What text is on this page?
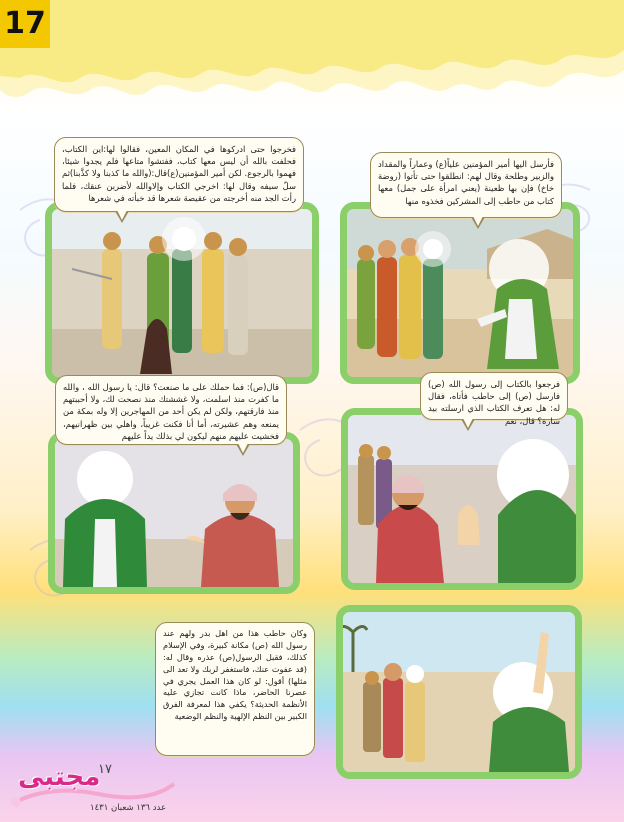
17
فأرسل اليها أمير المؤمنين علياً(ع) وعماراً والمقداد والزبير وطلحة وقال لهم: انطلقوا حتى تأتوا (روضة خاخ) فإن بها ظعينة (يعني امرأة على جمل) معها كتاب من حاطب إلى المشركين فخذوه منها
فخرجوا حتى ادركوها في المكان المعين، فقالوا لها:اين الكتاب، فحلفت بالله أن ليس معها كتاب، ففتشوا متاعها فلم يجدوا شيئا، فهموا بالرجوع. لكن أمير المؤمنين(ع)قال:(والله ما كذبنا ولا كذَّبنا)ثم سلّ سيفه وقال لها: اخرجي الكتاب وإلاوالله لأضربن عنقك، فلما رأت الجد منه أخرجته من عقيصة شعرها قد خبأته في شعرها
فرجعوا بالكتاب إلى رسول الله (ص) فارسل (ص) إلى حاطب فأتاه، فقال له: هل تعرف الكتاب الذي ارسلته بيد سارة؟ قال، نعم
قال(ص): فما حملك على ما صنعت؟ قال: يا رسول الله ، والله ما كفرت منذ اسلمت، ولا غششتك منذ نصحت لك، ولا أحببتهم منذ فارقتهم، ولكن لم يكن أحد من المهاجرين إلا وله بمكة من يمنعه وهم عشيرته، أما أنا فكنت غريباً، واهلي بين ظهرانيهم، فخشيت عليهم منهم ليكون لي بذلك يداً عليهم
وكان حاطب هذا من اهل بدر ولهم عند رسول الله (ص) مكانة كبيرة، وفي الإسلام كذلك، فقبل الرسول(ص) عذره وقال له: (قد عفوت عنك، فاستغفر لربك ولا تعد الى مثلها) أقول: لو كان هذا العمل يجري في عصرنا الحاضر، ماذا كانت تجازي عليه الأنظمة الحديثة؟ يكفي هذا لمعرفة الفرق الكبير بين النظم الإلهية والنظم الوضعية
مجتبى
١٧
عدد ١٣٦ شعبان ١٤٣١
